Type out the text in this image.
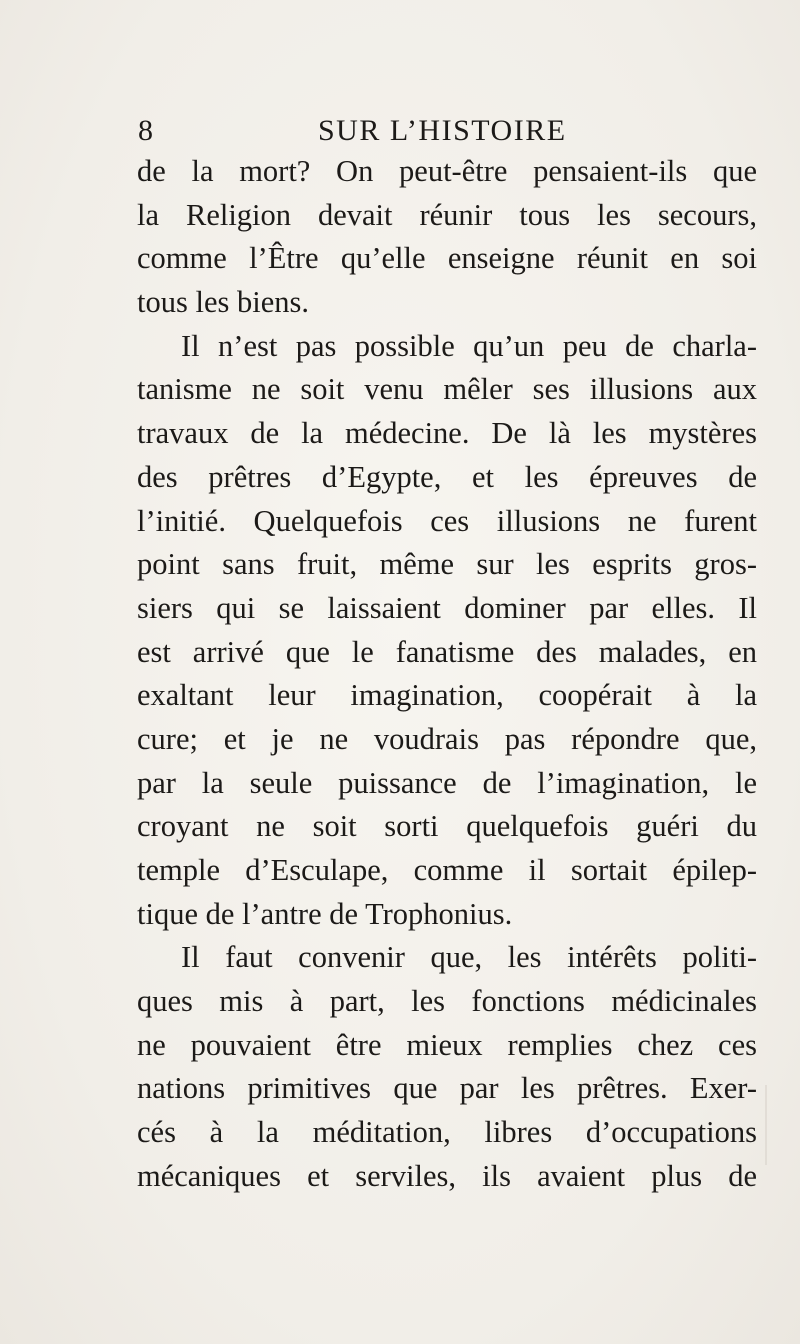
8	SUR L’HISTOIRE
de la mort? On peut-être pensaient-ils que
la Religion devait réunir tous les secours,
comme l’Être qu’elle enseigne réunit en soi
tous les biens.
Il n’est pas possible qu’un peu de charla-
tanisme ne soit venu mêler ses illusions aux
travaux de la médecine. De là les mystères
des prêtres d’Egypte, et les épreuves de
l’initié. Quelquefois ces illusions ne furent
point sans fruit, même sur les esprits gros-
siers qui se laissaient dominer par elles. Il
est arrivé que le fanatisme des malades, en
exaltant leur imagination, coopérait à la
cure; et je ne voudrais pas répondre que,
par la seule puissance de l’imagination, le
croyant ne soit sorti quelquefois guéri du
temple d’Esculape, comme il sortait épilep-
tique de l’antre de Trophonius.
Il faut convenir que, les intérêts politi-
ques mis à part, les fonctions médicinales
ne pouvaient être mieux remplies chez ces
nations primitives que par les prêtres. Exer-
cés à la méditation, libres d’occupations
mécaniques et serviles, ils avaient plus de
